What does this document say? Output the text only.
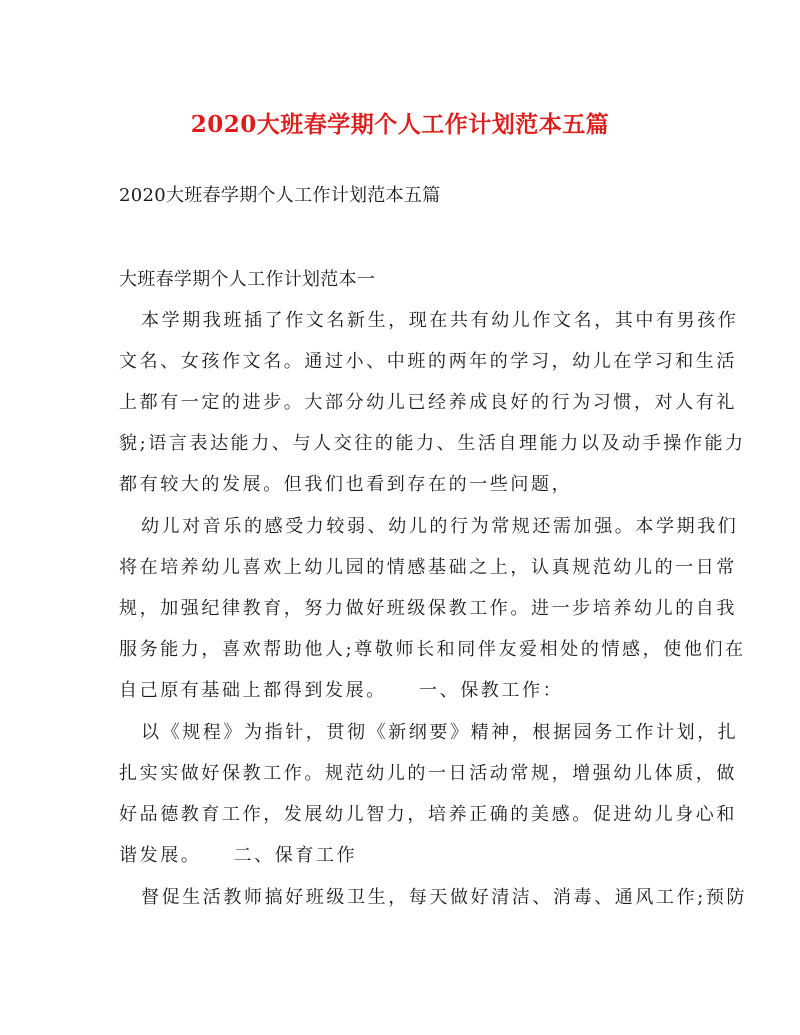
2020大班春学期个人工作计划范本五篇
2020大班春学期个人工作计划范本五篇
大班春学期个人工作计划范本一
本学期我班插了作文名新生，现在共有幼儿作文名，其中有男孩作
文名、女孩作文名。通过小、中班的两年的学习，幼儿在学习和生活
上都有一定的进步。大部分幼儿已经养成良好的行为习惯，对人有礼
貌;语言表达能力、与人交往的能力、生活自理能力以及动手操作能力
都有较大的发展。但我们也看到存在的一些问题，
幼儿对音乐的感受力较弱、幼儿的行为常规还需加强。本学期我们
将在培养幼儿喜欢上幼儿园的情感基础之上，认真规范幼儿的一日常
规，加强纪律教育，努力做好班级保教工作。进一步培养幼儿的自我
服务能力，喜欢帮助他人;尊敬师长和同伴友爱相处的情感，使他们在
自己原有基础上都得到发展。　　一、保教工作：
以《规程》为指针，贯彻《新纲要》精神，根据园务工作计划，扎
扎实实做好保教工作。规范幼儿的一日活动常规，增强幼儿体质，做
好品德教育工作，发展幼儿智力，培养正确的美感。促进幼儿身心和
谐发展。　　二、保育工作
督促生活教师搞好班级卫生，每天做好清洁、消毒、通风工作;预防
